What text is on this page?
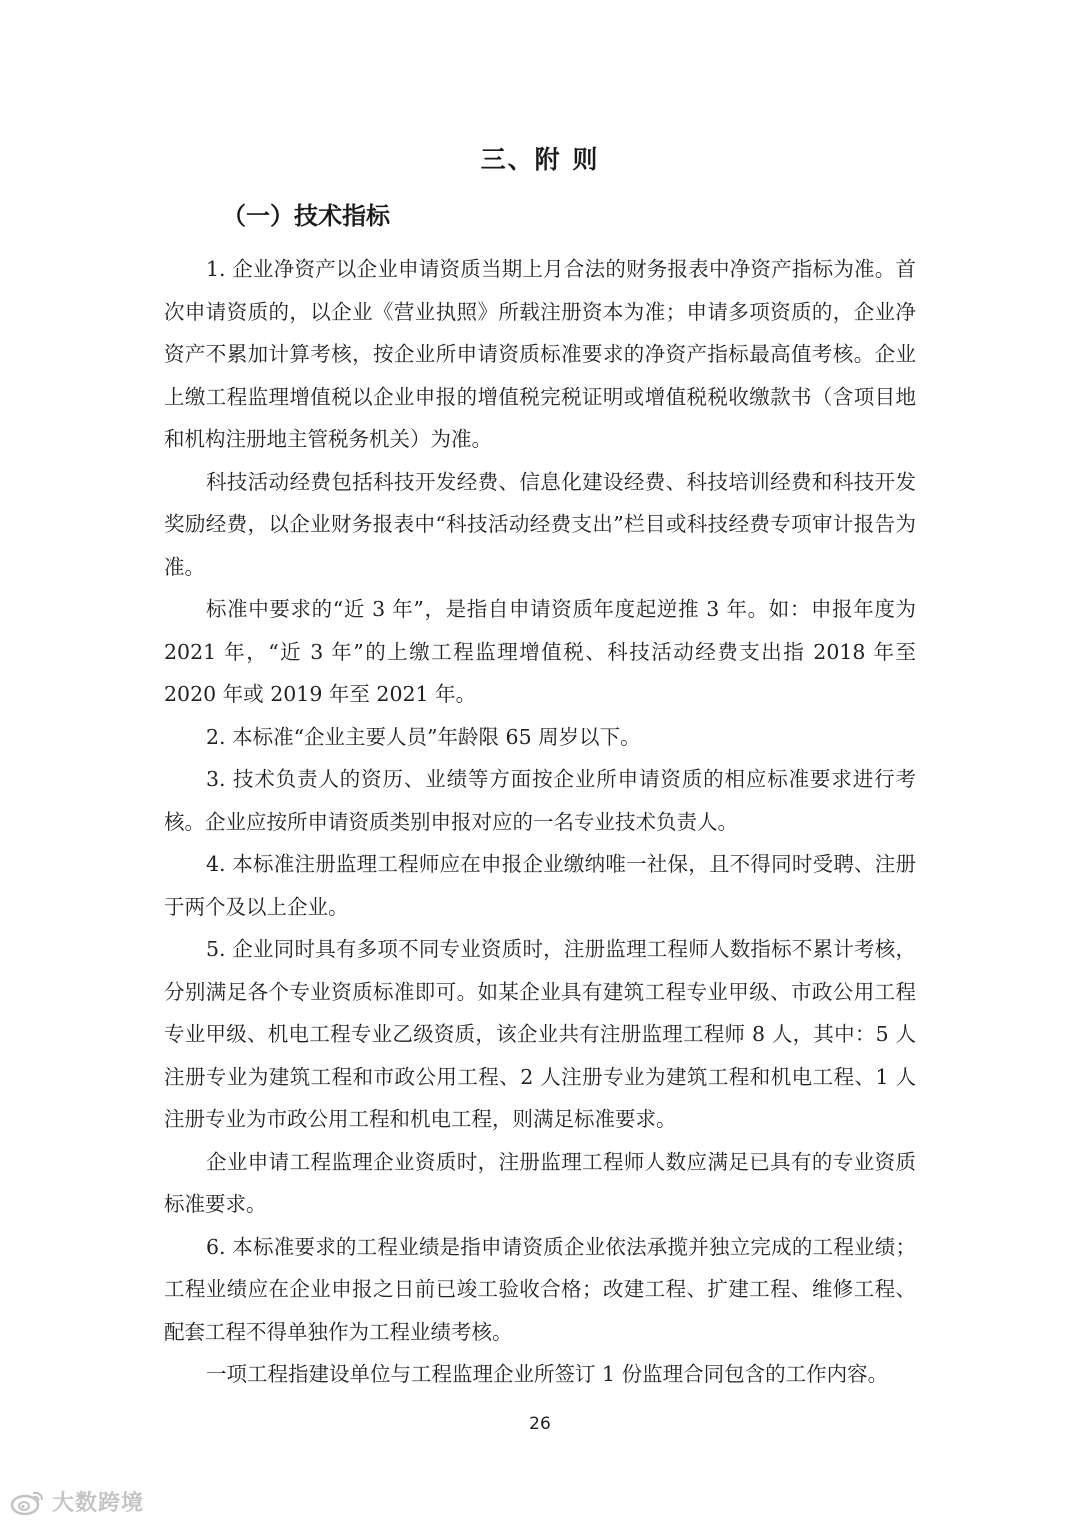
三、附 则
（一）技术指标

1. 企业净资产以企业申请资质当期上月合法的财务报表中净资产指标为准。首次申请资质的，以企业《营业执照》所载注册资本为准；申请多项资质的，企业净资产不累加计算考核，按企业所申请资质标准要求的净资产指标最高值考核。企业上缴工程监理增值税以企业申报的增值税完税证明或增值税税收缴款书（含项目地和机构注册地主管税务机关）为准。

科技活动经费包括科技开发经费、信息化建设经费、科技培训经费和科技开发奖励经费，以企业财务报表中“科技活动经费支出”栏目或科技经费专项审计报告为准。

标准中要求的“近 3 年”，是指自申请资质年度起逆推 3 年。如：申报年度为 2021 年，“近 3 年”的上缴工程监理增值税、科技活动经费支出指 2018 年至 2020 年或 2019 年至 2021 年。

2. 本标准“企业主要人员”年龄限 65 周岁以下。

3. 技术负责人的资历、业绩等方面按企业所申请资质的相应标准要求进行考核。企业应按所申请资质类别申报对应的一名专业技术负责人。

4. 本标准注册监理工程师应在申报企业缴纳唯一社保，且不得同时受聘、注册于两个及以上企业。

5. 企业同时具有多项不同专业资质时，注册监理工程师人数指标不累计考核，分别满足各个专业资质标准即可。如某企业具有建筑工程专业甲级、市政公用工程专业甲级、机电工程专业乙级资质，该企业共有注册监理工程师 8 人，其中：5 人注册专业为建筑工程和市政公用工程、2 人注册专业为建筑工程和机电工程、1 人注册专业为市政公用工程和机电工程，则满足标准要求。

企业申请工程监理企业资质时，注册监理工程师人数应满足已具有的专业资质标准要求。

6. 本标准要求的工程业绩是指申请资质企业依法承揽并独立完成的工程业绩；工程业绩应在企业申报之日前已竣工验收合格；改建工程、扩建工程、维修工程、配套工程不得单独作为工程业绩考核。

一项工程指建设单位与工程监理企业所签订 1 份监理合同包含的工作内容。

26

大数跨境
